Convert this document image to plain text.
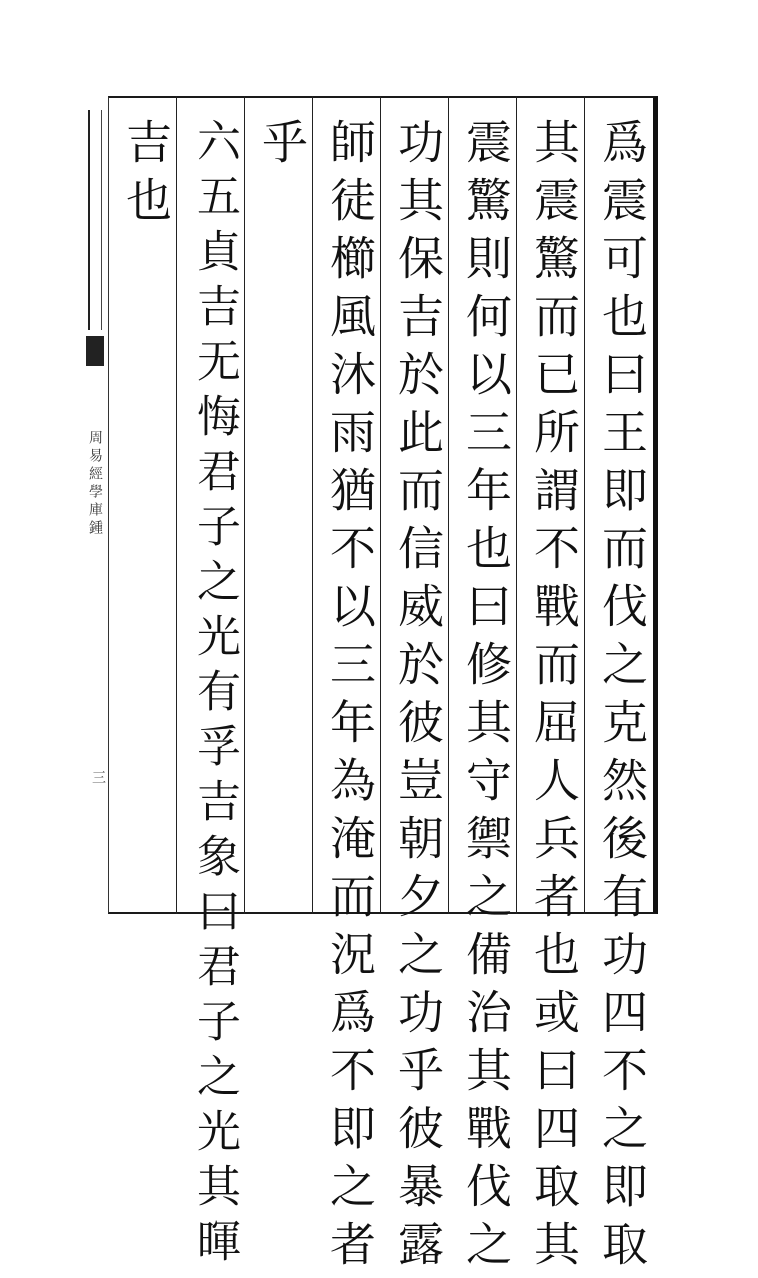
爲震可也曰王即而伐之克然後有功四不之即取
其震驚而已所謂不戰而屈人兵者也或曰四取其
震驚則何以三年也曰修其守禦之備治其戰伐之
功其保吉於此而信威於彼豈朝夕之功乎彼暴露
師徒櫛風沐雨猶不以三年為淹而況爲不即之者
乎
六五貞吉无悔君子之光有孚吉象曰君子之光其暉
吉也
周易經學庫鍾
三
